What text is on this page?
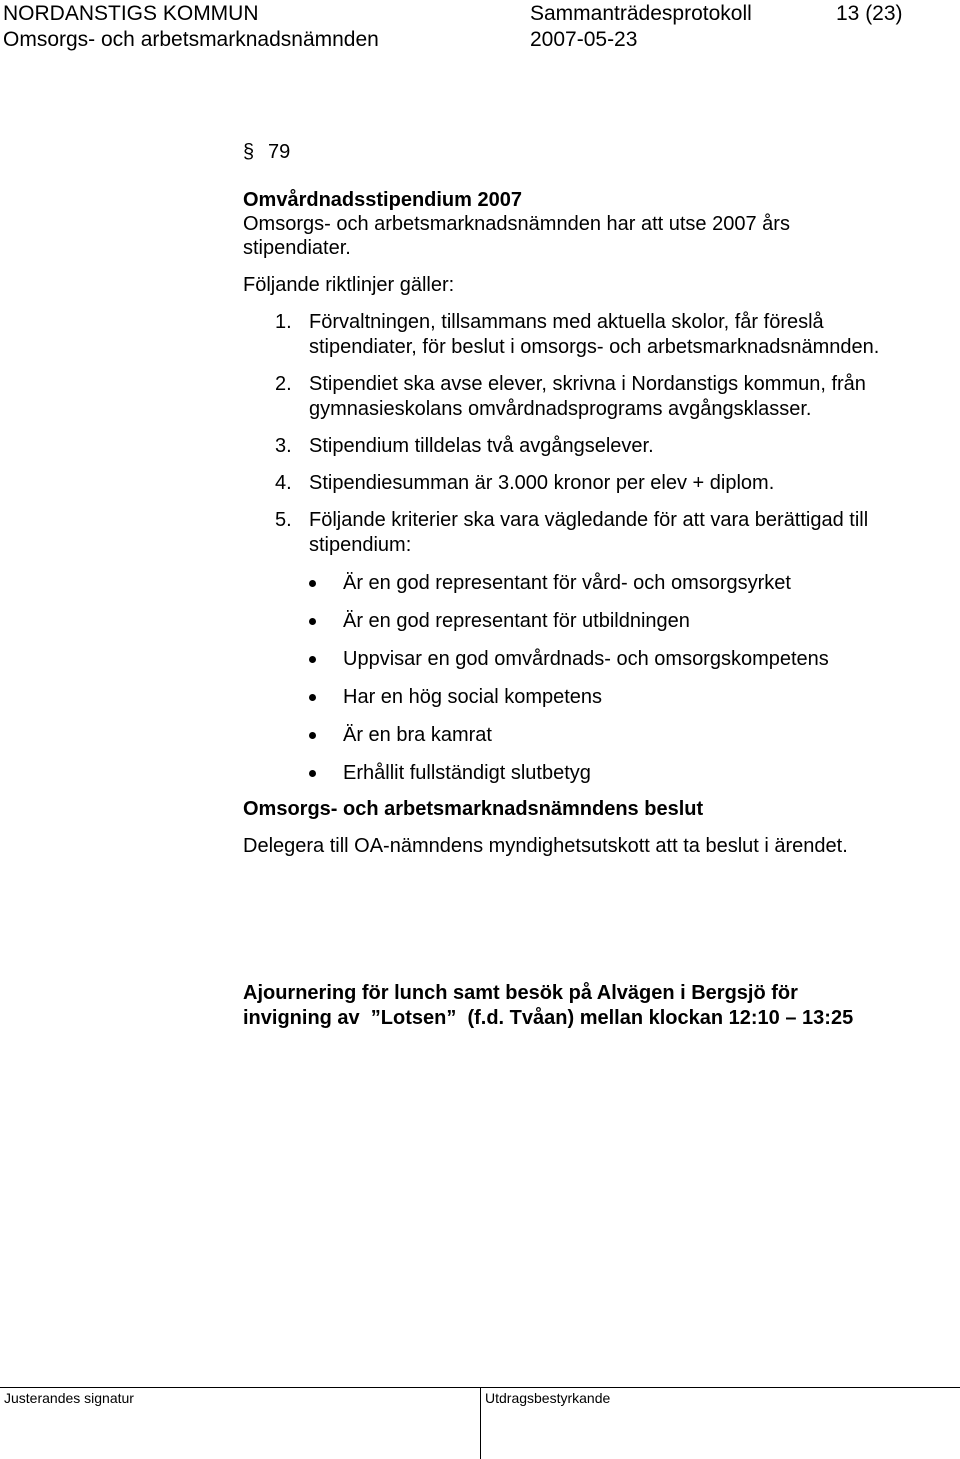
NORDANSTIGS KOMMUN
Omsorgs- och arbetsmarknadsnämnden
Sammanträdesprotokoll
2007-05-23
13 (23)
§ 79
Omvårdnadsstipendium 2007
Omsorgs- och arbetsmarknadsnämnden har att utse 2007 års
stipendiater.
Följande riktlinjer gäller:
1. Förvaltningen, tillsammans med aktuella skolor, får föreslå
stipendiater, för beslut i omsorgs- och arbetsmarknadsnämnden.
2. Stipendiet ska avse elever, skrivna i Nordanstigs kommun, från
gymnasieskolans omvårdnadsprograms avgångsklasser.
3. Stipendium tilldelas två avgångselever.
4. Stipendiesumman är 3.000 kronor per elev + diplom.
5. Följande kriterier ska vara vägledande för att vara berättigad till
stipendium:
Är en god representant för vård- och omsorgsyrket
Är en god representant för utbildningen
Uppvisar en god omvårdnads- och omsorgskompetens
Har en hög social kompetens
Är en bra kamrat
Erhållit fullständigt slutbetyg
Omsorgs- och arbetsmarknadsnämndens beslut
Delegera till OA-nämndens myndighetsutskott att ta beslut i ärendet.
Ajournering för lunch samt besök på Alvägen i Bergsjö för
invigning av  ”Lotsen”  (f.d. Tvåan) mellan klockan 12:10 – 13:25
Justerandes signatur	Utdragsbestyrkande
